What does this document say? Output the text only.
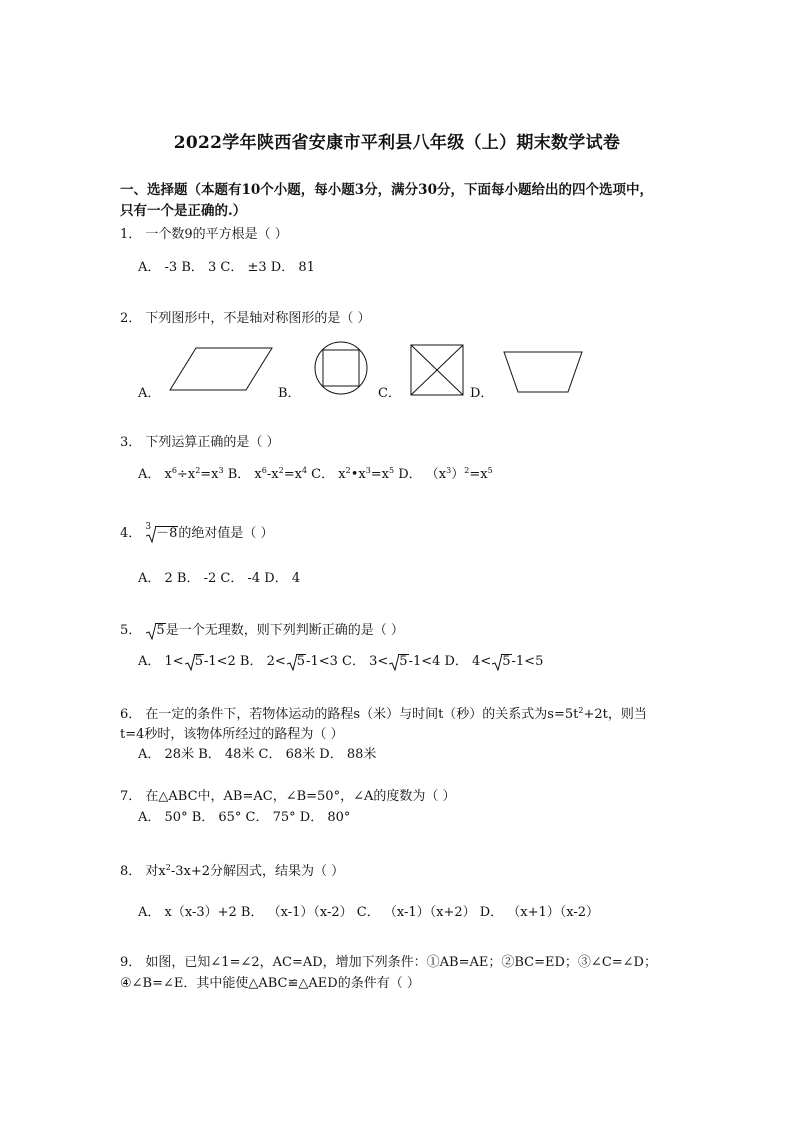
2022学年陕西省安康市平利县八年级（上）期末数学试卷
一、选择题（本题有10个小题，每小题3分，满分30分，下面每小题给出的四个选项中，
只有一个是正确的.）
1． 一个数9的平方根是（ ）
A． -3 B． 3 C． ±3 D． 81
2． 下列图形中，不是轴对称图形的是（ ）
A．	B．	C．	D．
3． 下列运算正确的是（ ）
A． $x^6\div x^2=x^3$ B． $x^6-x^2=x^4$ C． $x^2•x^3=x^5$ D． $(x^3)^2=x^5$
4． $^3$ －8的绝对值是（ ）
A． 2 B． -2 C． -4 D． 4
5．
5是一个无理数，则下列判断正确的是（ ）
A． 1< 5-1<2 B． 2< 5-1<3 C． 3< 5-1<4 D． 4< 5-1<5
6． 在一定的条件下，若物体运动的路程s（米）与时间t（秒）的关系式为$s=5t^2+2t$，则当
t=4秒时，该物体所经过的路程为（ ）
A． 28米 B． 48米 C． 68米 D． 88米
7． 在△ABC中，AB=AC，∠B=50°，∠A的度数为（ ）
A． 50° B． 65° C． 75° D． 80°
8． 对$x^2-3x+2$分解因式，结果为（ ）
A． x（x-3）+2 B． （x-1）（x-2） C． （x-1）（x+2） D． （x+1）（x-2）
9． 如图，已知∠1=∠2，AC=AD，增加下列条件：①AB=AE；②BC=ED；③∠C=∠D；
④∠B=∠E．其中能使△ABC≌△AED的条件有（ ）
